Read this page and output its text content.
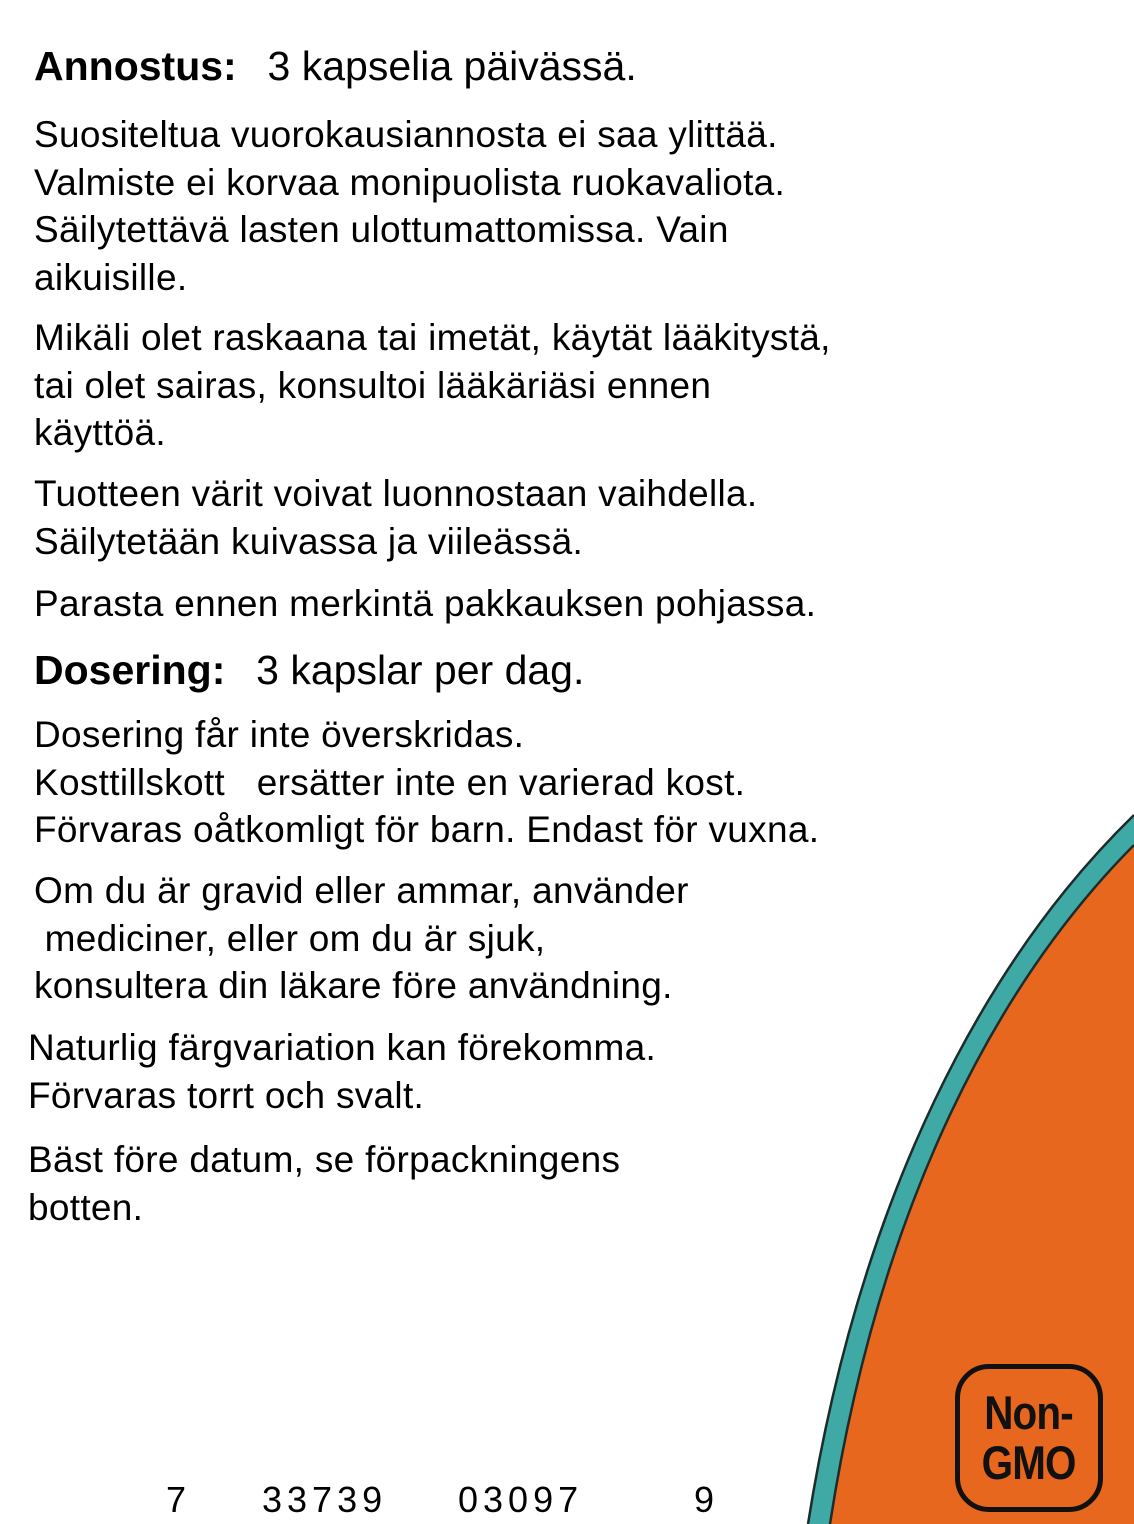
Annostus: 3 kapselia päivässä.
Suositeltua vuorokausiannosta ei saa ylittää.
Valmiste ei korvaa monipuolista ruokavaliota.
Säilytettävä lasten ulottumattomissa. Vain
aikuisille.
Mikäli olet raskaana tai imetät, käytät lääkitystä,
tai olet sairas, konsultoi lääkäriäsi ennen
käyttöä.
Tuotteen värit voivat luonnostaan vaihdella.
Säilytetään kuivassa ja viileässä.
Parasta ennen merkintä pakkauksen pohjassa.
Dosering: 3 kapslar per dag.
Dosering får inte överskridas.
Kosttillskott   ersätter inte en varierad kost.
Förvaras oåtkomligt för barn. Endast för vuxna.
Om du är gravid eller ammar, använder
mediciner, eller om du är sjuk,
konsultera din läkare före användning.
Naturlig färgvariation kan förekomma.
Förvaras torrt och svalt.
Bäst före datum, se förpackningens
botten.
7 33739 03097	9
Non-
GMO
